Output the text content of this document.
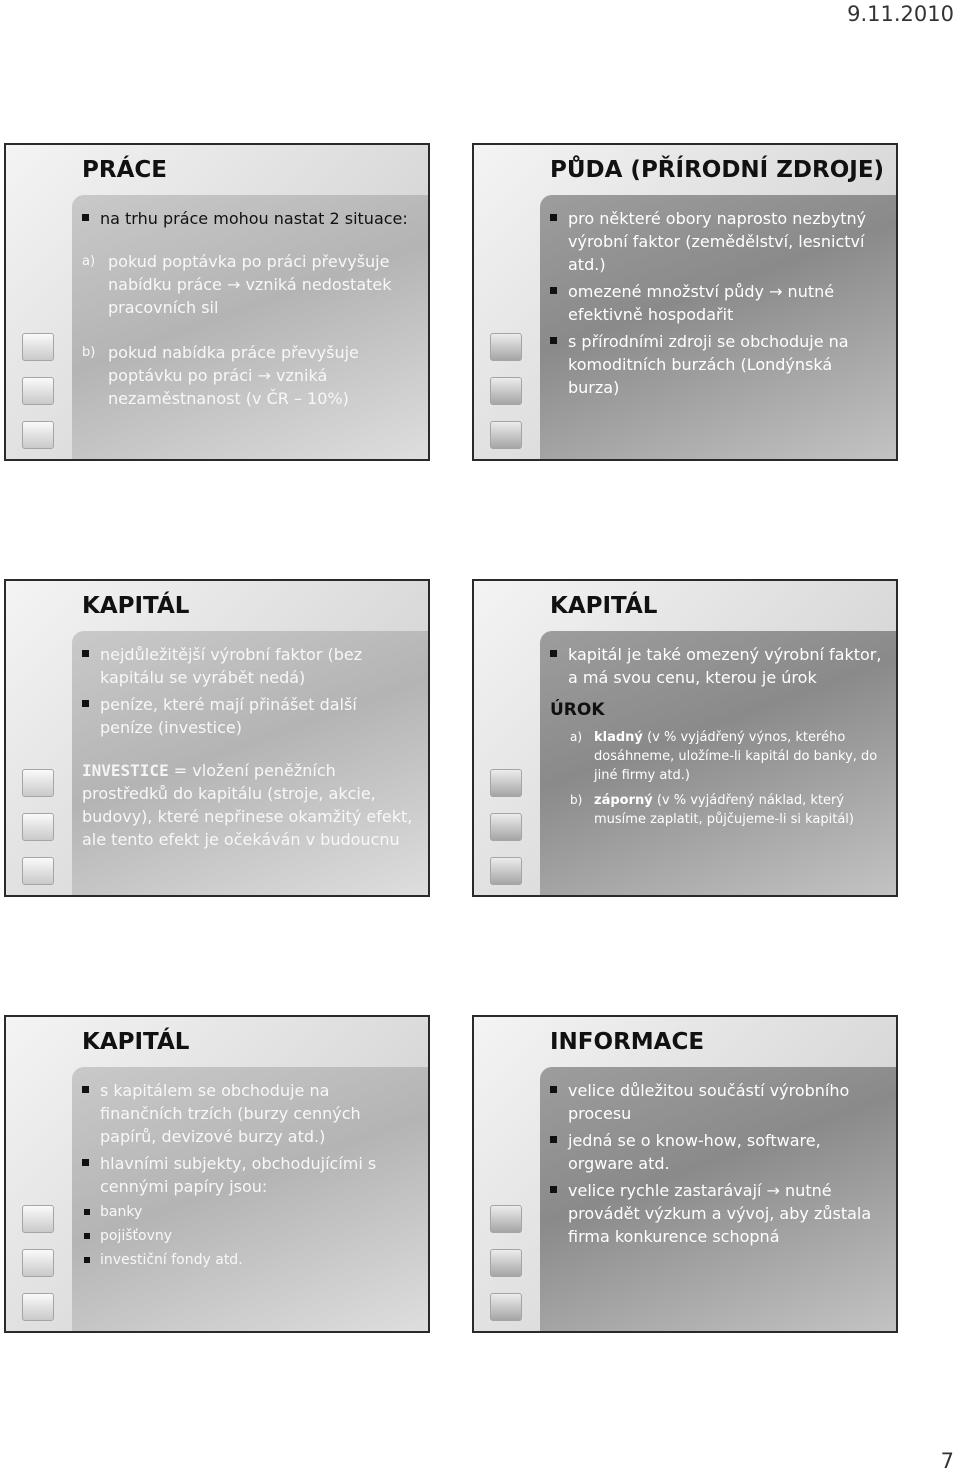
9.11.2010
PRÁCE
na trhu práce mohou nastat 2 situace:
a) pokud poptávka po práci převyšuje nabídku práce → vzniká nedostatek pracovních sil
b) pokud nabídka práce převyšuje poptávku po práci → vzniká nezaměstnanost (v ČR – 10%)
PŮDA (PŘÍRODNÍ ZDROJE)
pro některé obory naprosto nezbytný výrobní faktor (zemědělství, lesnictví atd.)
omezené množství půdy → nutné efektivně hospodařit
s přírodními zdroji se obchoduje na komoditních burzách (Londýnská burza)
KAPITÁL
nejdůležitější výrobní faktor (bez kapitálu se vyrábět nedá)
peníze, které mají přinášet další peníze (investice)
INVESTICE = vložení peněžních prostředků do kapitálu (stroje, akcie, budovy), které nepřinese okamžitý efekt, ale tento efekt je očekáván v budoucnu
KAPITÁL
kapitál je také omezený výrobní faktor, a má svou cenu, kterou je úrok
ÚROK
a) kladný (v % vyjádřený výnos, kterého dosáhneme, uložíme-li kapitál do banky, do jiné firmy atd.)
b) záporný (v % vyjádřený náklad, který musíme zaplatit, půjčujeme-li si kapitál)
KAPITÁL
s kapitálem se obchoduje na finančních trzích (burzy cenných papírů, devizové burzy atd.)
hlavními subjekty, obchodujícími s cennými papíry jsou:
banky
pojišťovny
investiční fondy atd.
INFORMACE
velice důležitou součástí výrobního procesu
jedná se o know-how, software, orgware atd.
velice rychle zastarávají → nutné provádět výzkum a vývoj, aby zůstala firma konkurence schopná
7
